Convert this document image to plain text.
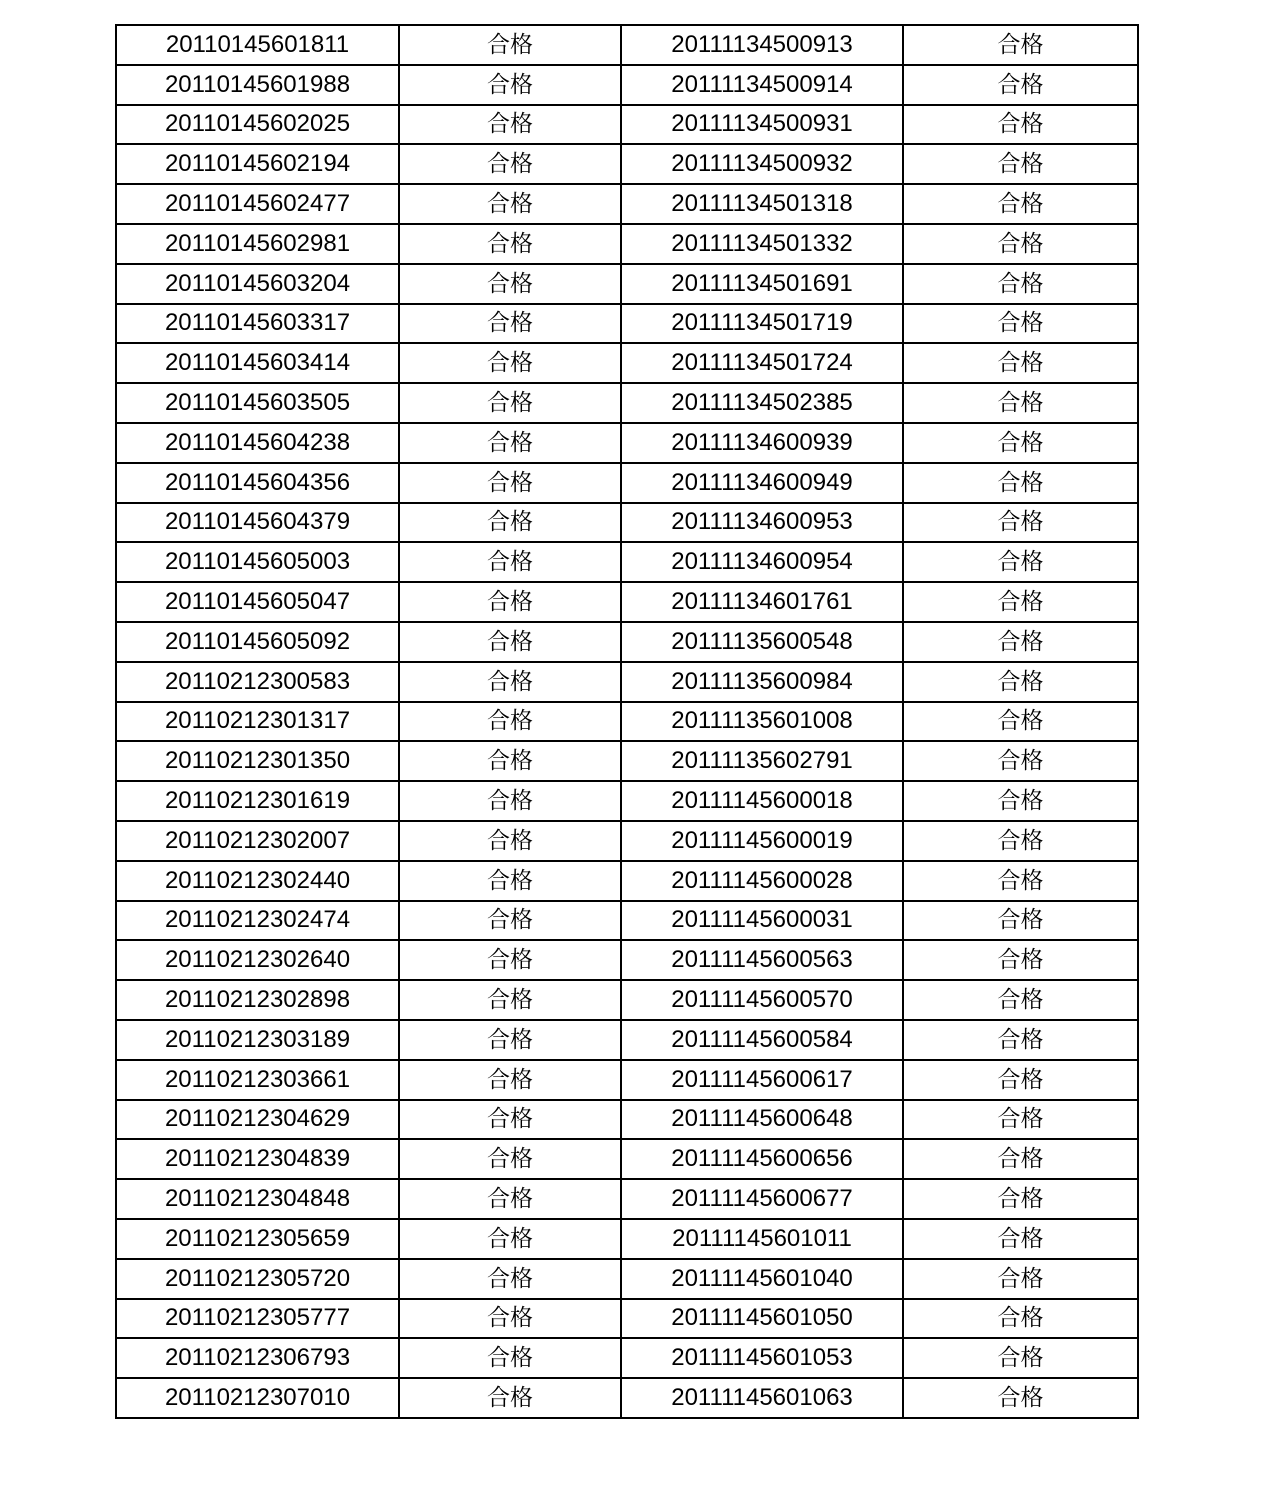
20110145601811	合格	20111134500913	合格
20110145601988	合格	20111134500914	合格
20110145602025	合格	20111134500931	合格
20110145602194	合格	20111134500932	合格
20110145602477	合格	20111134501318	合格
20110145602981	合格	20111134501332	合格
20110145603204	合格	20111134501691	合格
20110145603317	合格	20111134501719	合格
20110145603414	合格	20111134501724	合格
20110145603505	合格	20111134502385	合格
20110145604238	合格	20111134600939	合格
20110145604356	合格	20111134600949	合格
20110145604379	合格	20111134600953	合格
20110145605003	合格	20111134600954	合格
20110145605047	合格	20111134601761	合格
20110145605092	合格	20111135600548	合格
20110212300583	合格	20111135600984	合格
20110212301317	合格	20111135601008	合格
20110212301350	合格	20111135602791	合格
20110212301619	合格	20111145600018	合格
20110212302007	合格	20111145600019	合格
20110212302440	合格	20111145600028	合格
20110212302474	合格	20111145600031	合格
20110212302640	合格	20111145600563	合格
20110212302898	合格	20111145600570	合格
20110212303189	合格	20111145600584	合格
20110212303661	合格	20111145600617	合格
20110212304629	合格	20111145600648	合格
20110212304839	合格	20111145600656	合格
20110212304848	合格	20111145600677	合格
20110212305659	合格	20111145601011	合格
20110212305720	合格	20111145601040	合格
20110212305777	合格	20111145601050	合格
20110212306793	合格	20111145601053	合格
20110212307010	合格	20111145601063	合格
